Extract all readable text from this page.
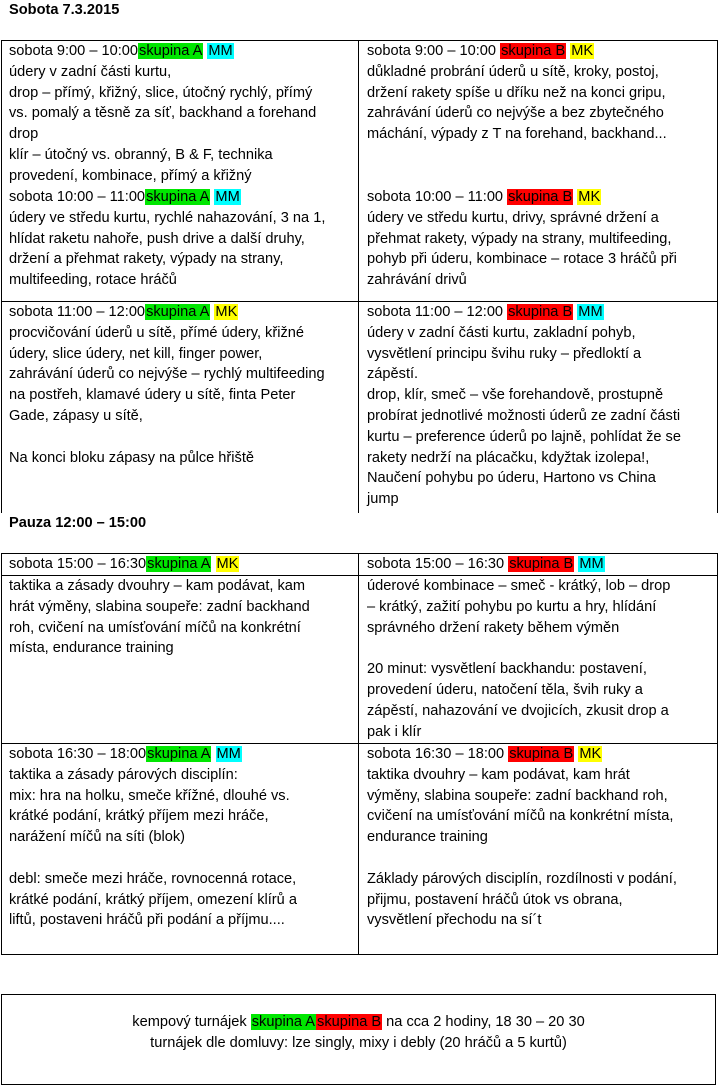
Sobota 7.3.2015

sobota 9:00 – 10:00skupina A MM

údery v zadní části kurtu,

drop – přímý, křižný, slice, útočný rychlý, přímý

vs. pomalý a těsně za síť, backhand a forehand

drop

klír – útočný vs. obranný, B & F, technika

provedení, kombinace, přímý a křižný

sobota 9:00 – 10:00 skupina B MK

důkladné probrání úderů u sítě, kroky, postoj,

držení rakety spíše u dříku než na konci gripu,

zahrávání úderů co nejvýše a bez zbytečného

máchání, výpady z T na forehand, backhand...

sobota 10:00 – 11:00skupina A MM

údery ve středu kurtu, rychlé nahazování, 3 na 1,

hlídat raketu nahoře, push drive a další druhy,

držení a přehmat rakety, výpady na strany,

multifeeding, rotace hráčů

sobota 10:00 – 11:00 skupina B MK

údery ve středu kurtu, drivy, správné držení a

přehmat rakety, výpady na strany, multifeeding,

pohyb při úderu, kombinace – rotace 3 hráčů při

zahrávání drivů

sobota 11:00 – 12:00skupina A MK

procvičování úderů u sítě, přímé údery, křižné

údery, slice údery, net kill, finger power,

zahrávání úderů co nejvýše – rychlý multifeeding

na postřeh, klamavé údery u sítě, finta Peter

Gade, zápasy u sítě,

Na konci bloku zápasy na půlce hřiště

sobota 11:00 – 12:00 skupina B MM

údery v zadní části kurtu, zakladní pohyb,

vysvětlení principu švihu ruky – předloktí a

zápěstí.

drop, klír, smeč – vše forehandově, prostupně

probírat jednotlivé možnosti úderů ze zadní části

kurtu – preference úderů po lajně, pohlídat že se

rakety nedrží na plácačku, kdyžtak izolepa!,

Naučení pohybu po úderu, Hartono vs China

jump

Pauza 12:00 – 15:00

sobota 15:00 – 16:30skupina A MK

taktika a zásady dvouhry – kam podávat, kam

hrát výměny, slabina soupeře: zadní backhand

roh, cvičení na umísťování míčů na konkrétní

místa, endurance training

sobota 15:00 – 16:30 skupina B MM

úderové kombinace – smeč - krátký, lob – drop

– krátký, zažití pohybu po kurtu a hry, hlídání

správného držení rakety během výměn

20 minut: vysvětlení backhandu: postavení,

provedení úderu, natočení těla, švih ruky a

zápěstí, nahazování ve dvojicích, zkusit drop a

pak i klír

sobota 16:30 – 18:00skupina A MM

taktika a zásady párových disciplín:

mix: hra na holku, smeče křížné, dlouhé vs.

krátké podání, krátký příjem mezi hráče,

narážení míčů na síti (blok)

debl: smeče mezi hráče, rovnocenná rotace,

krátké podání, krátký příjem, omezení klírů a

liftů, postaveni hráčů při podání a příjmu....

sobota 16:30 – 18:00 skupina B MK

taktika dvouhry – kam podávat, kam hrát

výměny, slabina soupeře: zadní backhand roh,

cvičení na umísťování míčů na konkrétní místa,

endurance training

Základy párových disciplín, rozdílnosti v podání,

přijmu, postavení hráčů útok vs obrana,

vysvětlení přechodu na sí´t

kempový turnájek skupina A skupina B na cca 2 hodiny, 18 30 – 20 30

turnájek dle domluvy: lze singly, mixy i debly (20 hráčů a 5 kurtů)
